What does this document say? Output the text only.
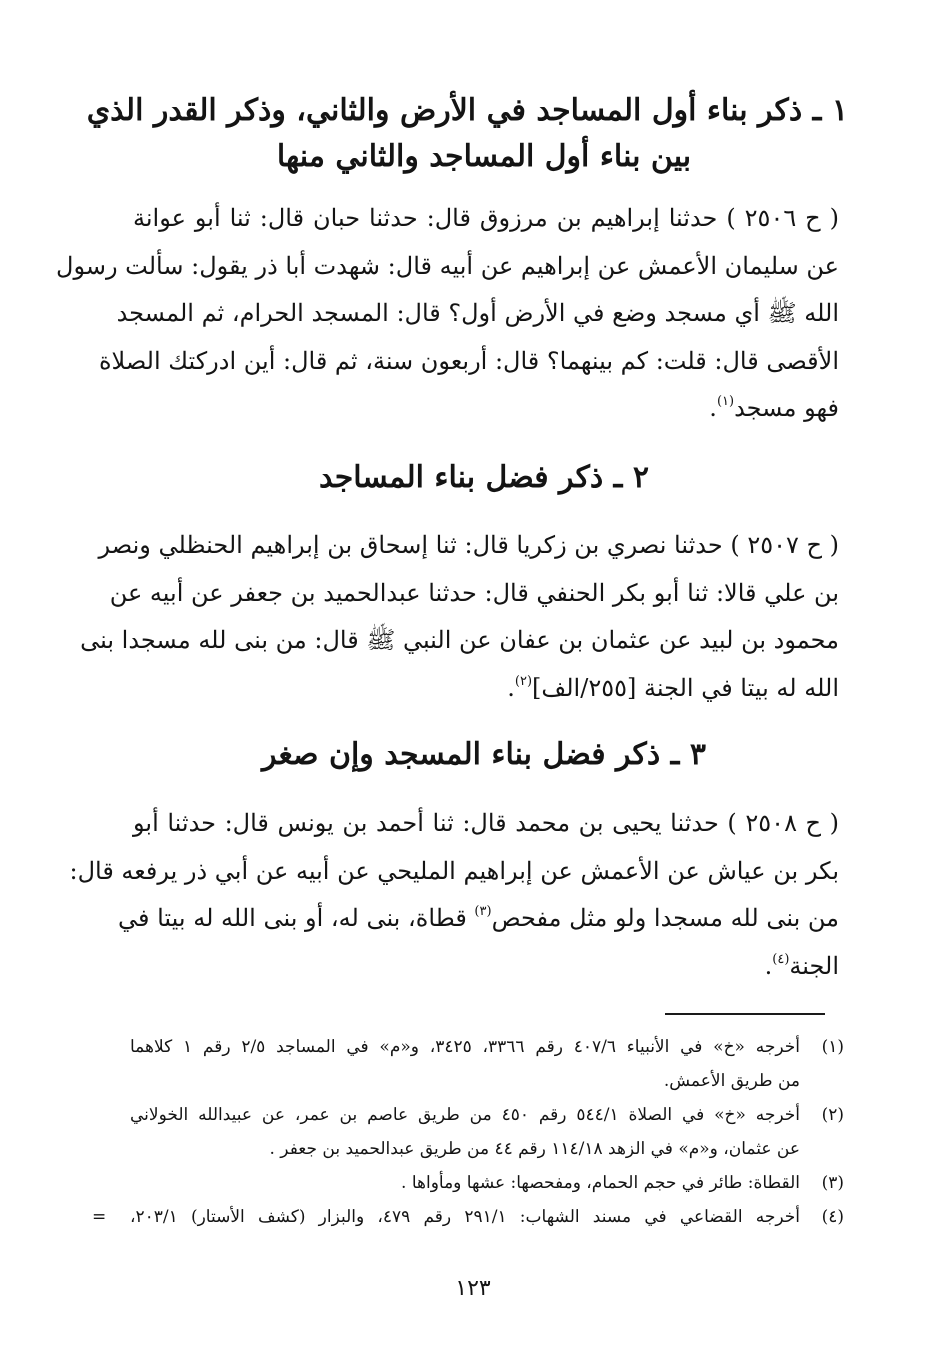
١ ـ ذكر بناء أول المساجد في الأرض والثاني، وذكر القدر الذي
بين بناء أول المساجد والثاني منها
( ح ٢٥٠٦ ) حدثنا إبراهيم بن مرزوق قال: حدثنا حبان قال: ثنا أبو عوانة
عن سليمان الأعمش عن إبراهيم عن أبيه قال: شهدت أبا ذر يقول: سألت رسول
الله ﷺ أي مسجد وضع في الأرض أول؟ قال: المسجد الحرام، ثم المسجد
الأقصى قال: قلت: كم بينهما؟ قال: أربعون سنة، ثم قال: أين ادركتك الصلاة
فهو مسجد$^{(١)}$.
٢ ـ ذكر فضل بناء المساجد
( ح ٢٥٠٧ ) حدثنا نصري بن زكريا قال: ثنا إسحاق بن إبراهيم الحنظلي ونصر
بن علي قالا: ثنا أبو بكر الحنفي قال: حدثنا عبدالحميد بن جعفر عن أبيه عن
محمود بن لبيد عن عثمان بن عفان عن النبي ﷺ قال: من بنى لله مسجدا بنى
الله له بيتا في الجنة [٢٥٥/الف]$^{(٢)}$.
٣ ـ ذكر فضل بناء المسجد وإن صغر
( ح ٢٥٠٨ ) حدثنا يحيى بن محمد قال: ثنا أحمد بن يونس قال: حدثنا أبو
بكر بن عياش عن الأعمش عن إبراهيم المليحي عن أبيه عن أبي ذر يرفعه قال:
من بنى لله مسجدا ولو مثل مفحص$^{(٣)}$ قطاة، بنى له، أو بنى الله له بيتا في
الجنة$^{(٤)}$.
(١)
أخرجه «خ» في الأنبياء ٤٠٧/٦ رقم ٣٣٦٦، ٣٤٢٥، و«م» في المساجد ٢/٥ رقم ١ كلاهما
من طريق الأعمش.
(٢)
أخرجه «خ» في الصلاة ٥٤٤/١ رقم ٤٥٠ من طريق عاصم بن عمر، عن عبيدالله الخولاني
عن عثمان، و«م» في الزهد ١١٤/١٨ رقم ٤٤ من طريق عبدالحميد بن جعفر .
(٣)
القطاة: طائر في حجم الحمام، ومفحصها: عشها ومأواها .
(٤)
أخرجه القضاعي في مسند الشهاب: ٢٩١/١ رقم ٤٧٩، والبزار (كشف الأستار) ٢٠٣/١،
=
١٢٣
